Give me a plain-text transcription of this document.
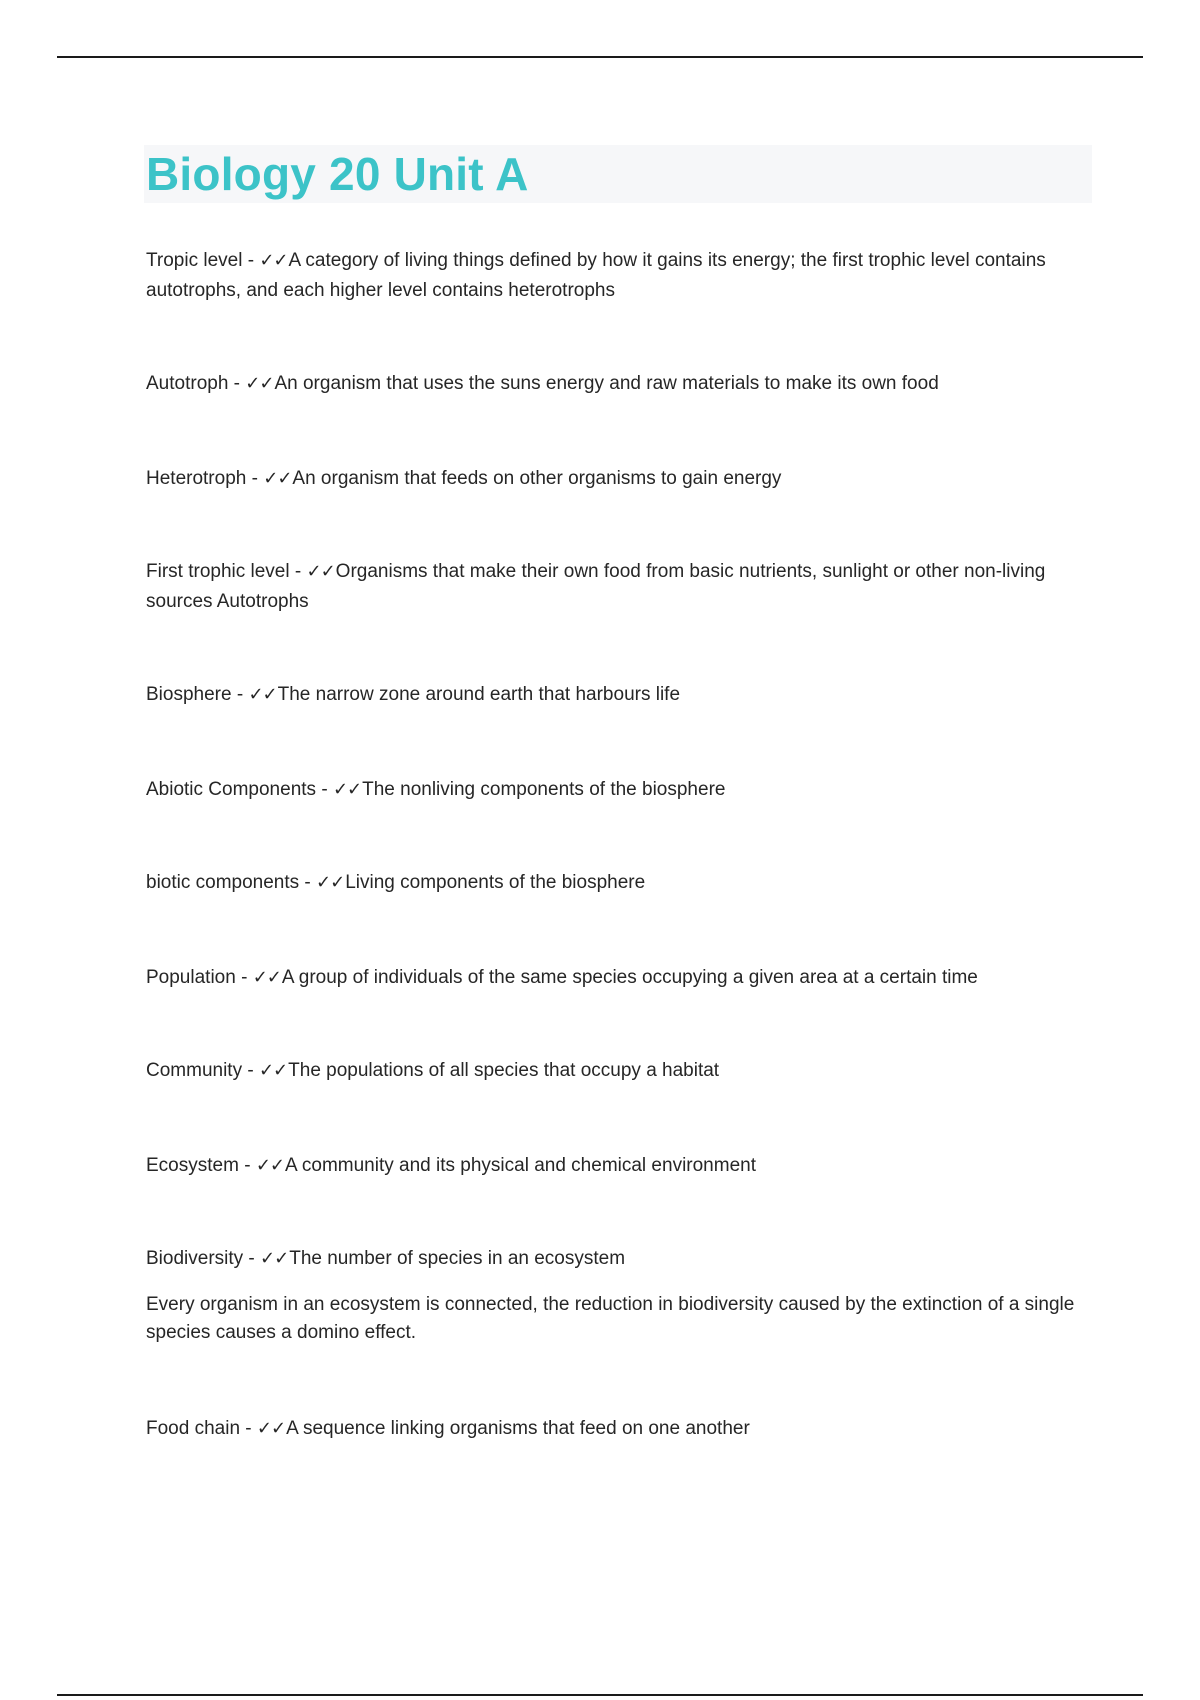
Biology 20 Unit A

Tropic level - ✓✓A category of living things defined by how it gains its energy; the first trophic level contains autotrophs, and each higher level contains heterotrophs

Autotroph - ✓✓An organism that uses the suns energy and raw materials to make its own food

Heterotroph - ✓✓An organism that feeds on other organisms to gain energy

First trophic level - ✓✓Organisms that make their own food from basic nutrients, sunlight or other non-living sources Autotrophs

Biosphere - ✓✓The narrow zone around earth that harbours life

Abiotic Components - ✓✓The nonliving components of the biosphere

biotic components - ✓✓Living components of the biosphere

Population - ✓✓A group of individuals of the same species occupying a given area at a certain time

Community - ✓✓The populations of all species that occupy a habitat

Ecosystem - ✓✓A community and its physical and chemical environment

Biodiversity - ✓✓The number of species in an ecosystem

Every organism in an ecosystem is connected, the reduction in biodiversity caused by the extinction of a single species causes a domino effect.

Food chain - ✓✓A sequence linking organisms that feed on one another
